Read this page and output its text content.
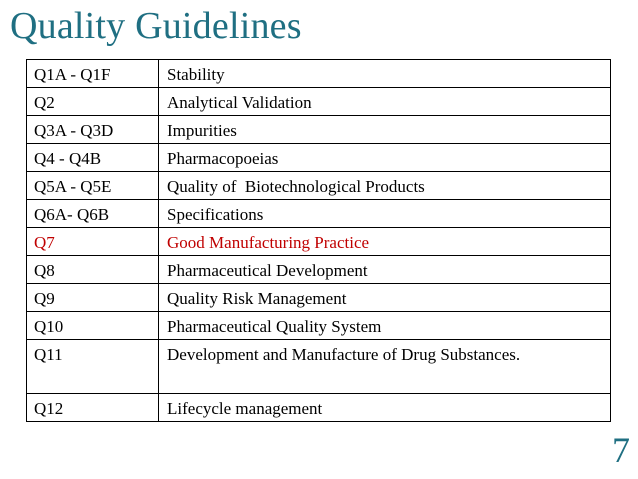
Quality Guidelines
Q1A - Q1F	Stability
Q2	Analytical Validation
Q3A - Q3D	Impurities
Q4 - Q4B	Pharmacopoeias
Q5A - Q5E	Quality of  Biotechnological Products
Q6A- Q6B	Specifications
Q7	Good Manufacturing Practice
Q8	Pharmaceutical Development
Q9	Quality Risk Management
Q10	Pharmaceutical Quality System
Q11	Development and Manufacture of Drug Substances.
Q12	Lifecycle management
7
